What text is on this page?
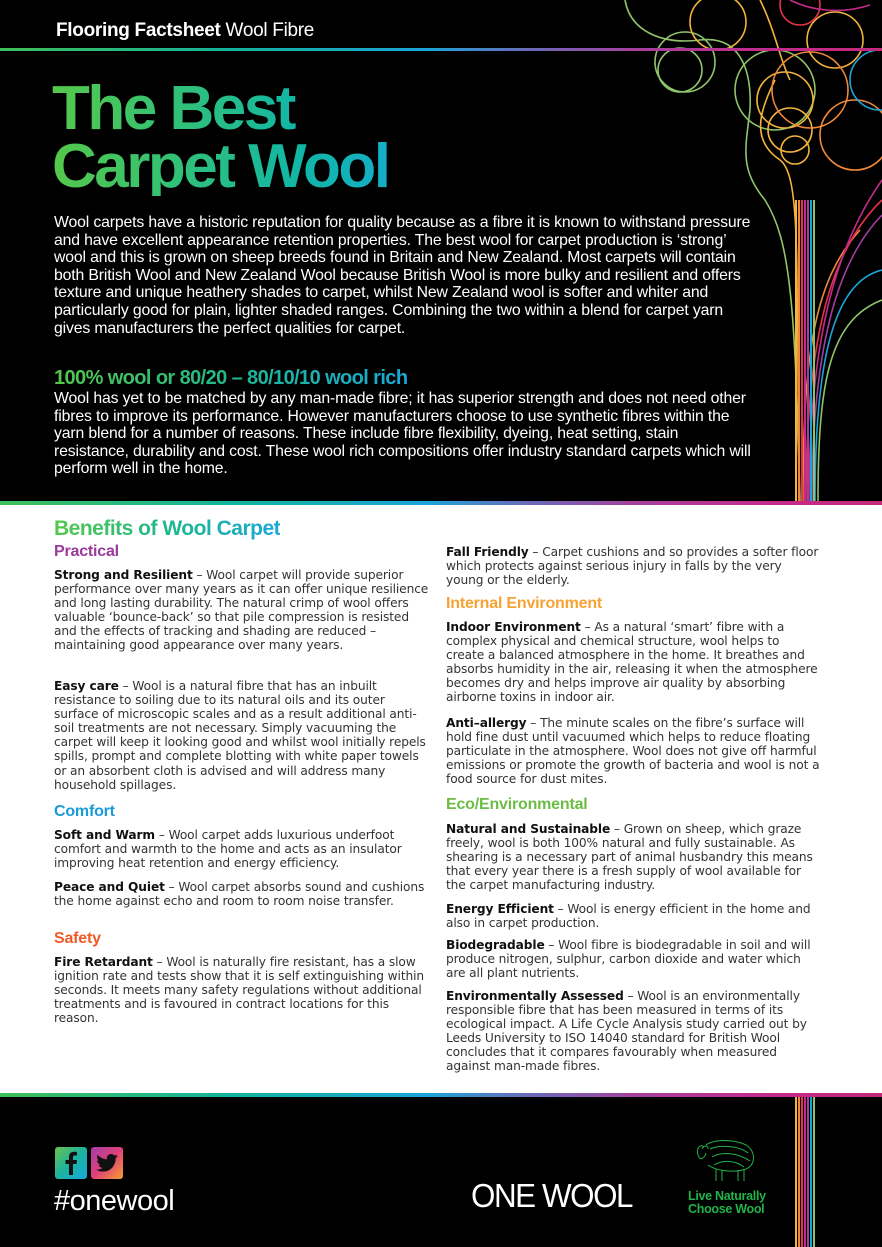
Flooring Factsheet Wool Fibre
The Best
Carpet Wool

Wool carpets have a historic reputation for quality because as a fibre it is known to withstand pressure and have excellent appearance retention properties. The best wool for carpet production is ‘strong’ wool and this is grown on sheep breeds found in Britain and New Zealand. Most carpets will contain both British Wool and New Zealand Wool because British Wool is more bulky and resilient and offers texture and unique heathery shades to carpet, whilst New Zealand wool is softer and whiter and particularly good for plain, lighter shaded ranges. Combining the two within a blend for carpet yarn gives manufacturers the perfect qualities for carpet.

100% wool or 80/20 – 80/10/10 wool rich

Wool has yet to be matched by any man-made fibre; it has superior strength and does not need other fibres to improve its performance. However manufacturers choose to use synthetic fibres within the yarn blend for a number of reasons. These include fibre flexibility, dyeing, heat setting, stain resistance, durability and cost. These wool rich compositions offer industry standard carpets which will perform well in the home.

Benefits of Wool Carpet
Practical

Strong and Resilient – Wool carpet will provide superior performance over many years as it can offer unique resilience and long lasting durability. The natural crimp of wool offers valuable ‘bounce-back’ so that pile compression is resisted and the effects of tracking and shading are reduced – maintaining good appearance over many years.

Easy care – Wool is a natural fibre that has an inbuilt resistance to soiling due to its natural oils and its outer surface of microscopic scales and as a result additional anti-soil treatments are not necessary. Simply vacuuming the carpet will keep it looking good and whilst wool initially repels spills, prompt and complete blotting with white paper towels or an absorbent cloth is advised and will address many household spillages.

Comfort

Soft and Warm – Wool carpet adds luxurious underfoot comfort and warmth to the home and acts as an insulator improving heat retention and energy efficiency.

Peace and Quiet – Wool carpet absorbs sound and cushions the home against echo and room to room noise transfer.

Safety

Fire Retardant – Wool is naturally fire resistant, has a slow ignition rate and tests show that it is self extinguishing within seconds. It meets many safety regulations without additional treatments and is favoured in contract locations for this reason.

Fall Friendly – Carpet cushions and so provides a softer floor which protects against serious injury in falls by the very young or the elderly.

Internal Environment

Indoor Environment – As a natural ‘smart’ fibre with a complex physical and chemical structure, wool helps to create a balanced atmosphere in the home. It breathes and absorbs humidity in the air, releasing it when the atmosphere becomes dry and helps improve air quality by absorbing airborne toxins in indoor air.

Anti–allergy – The minute scales on the fibre’s surface will hold fine dust until vacuumed which helps to reduce floating particulate in the atmosphere. Wool does not give off harmful emissions or promote the growth of bacteria and wool is not a food source for dust mites.

Eco/Environmental

Natural and Sustainable – Grown on sheep, which graze freely, wool is both 100% natural and fully sustainable. As shearing is a necessary part of animal husbandry this means that every year there is a fresh supply of wool available for the carpet manufacturing industry.

Energy Efficient – Wool is energy efficient in the home and also in carpet production.

Biodegradable – Wool fibre is biodegradable in soil and will produce nitrogen, sulphur, carbon dioxide and water which are all plant nutrients.

Environmentally Assessed – Wool is an environmentally responsible fibre that has been measured in terms of its ecological impact. A Life Cycle Analysis study carried out by Leeds University to ISO 14040 standard for British Wool concludes that it compares favourably when measured against man-made fibres.

#onewool	ONE WOOL	Live Naturally
Choose Wool
